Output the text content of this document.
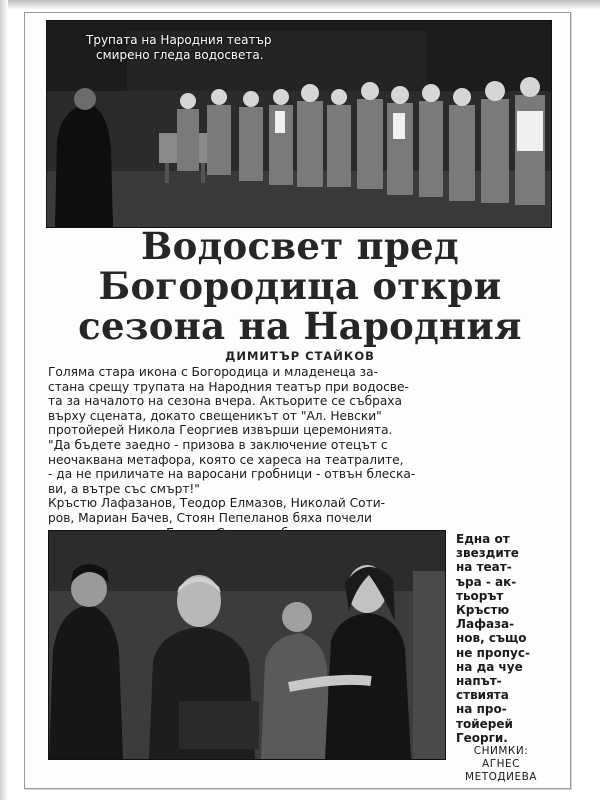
Трупата на Народния театър
смирено гледа водосвета.
Водосвет пред
Богородица откри
сезона на Народния
ДИМИТЪР СТАЙКОВ
Голяма стара икона с Богородица и младенеца за-
стана срещу трупата на Народния театър при водосве-
та за началото на сезона вчера. Актьорите се събраха
върху сцената, докато свещеникът от "Ал. Невски"
протойерей Никола Георгиев извърши церемонията.
"Да бъдете заедно - призова в заключение отецът с
неочаквана метафора, която се хареса на театралите,
- да не приличате на варосани гробници - отвън блеска-
ви, а вътре със смърт!"
Кръстю Лафазанов, Теодор Елмазов, Николай Соти-
ров, Мариан Бачев, Стоян Пепеланов бяха почели
Една от
звездите
на теат-
ъра - ак-
тьорът
Кръстю
Лафаза-
нов, също
не пропус-
на да чуе
напът-
ствията
на про-
тойерей
Георги.
СНИМКИ:
АГНЕС
МЕТОДИЕВА
